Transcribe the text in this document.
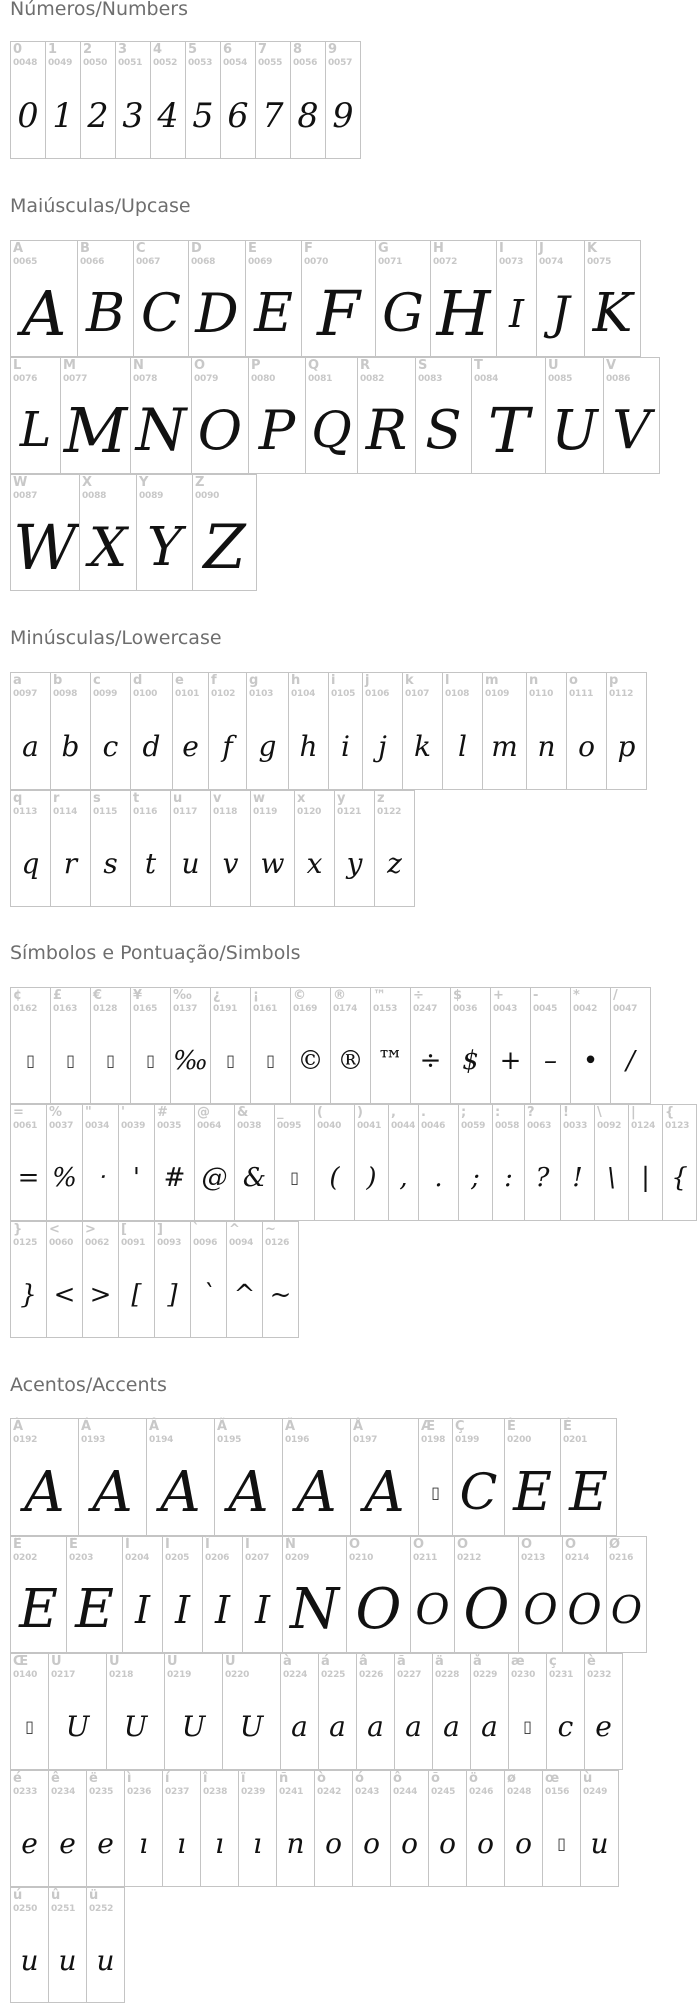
Números/Numbers
0
0048
0
1
0049
1
2
0050
2
3
0051
3
4
0052
4
5
0053
5
6
0054
6
7
0055
7
8
0056
8
9
0057
9
Maiúsculas/Upcase
A
0065
A
B
0066
B
C
0067
C
D
0068
D
E
0069
E
F
0070
F
G
0071
G
H
0072
H
I
0073
I
J
0074
J
K
0075
K
L
0076
L
M
0077
M
N
0078
N
O
0079
O
P
0080
P
Q
0081
Q
R
0082
R
S
0083
S
T
0084
T
U
0085
U
V
0086
V
W
0087
W
X
0088
X
Y
0089
Y
Z
0090
Z
Minúsculas/Lowercase
a
0097
a
b
0098
b
c
0099
c
d
0100
d
e
0101
e
f
0102
f
g
0103
g
h
0104
h
i
0105
i
j
0106
j
k
0107
k
l
0108
l
m
0109
m
n
0110
n
o
0111
o
p
0112
p
q
0113
q
r
0114
r
s
0115
s
t
0116
t
u
0117
u
v
0118
v
w
0119
w
x
0120
x
y
0121
y
z
0122
z
Símbolos e Pontuação/Simbols
¢
0162
▯
£
0163
▯
€
0128
▯
¥
0165
▯
‰
0137
‰
¿
0191
▯
¡
0161
▯
©
0169
©
®
0174
®
™
0153
™
÷
0247
÷
$
0036
$
+
0043
+
-
0045
–
*
0042
•
/
0047
/
=
0061
=
%
0037
%
"
0034
ᐧ
'
0039
'
#
0035
#
@
0064
@
&
0038
&
_
0095
▯
(
0040
(
)
0041
)
,
0044
,
.
0046
.
;
0059
;
:
0058
:
?
0063
?
!
0033
!
\
0092
\
|
0124
|
{
0123
{
}
0125
}
<
0060
<
>
0062
>
[
0091
[
]
0093
]
`
0096
`
^
0094
^
~
0126
~
Acentos/Accents
À
0192
A
Á
0193
A
Â
0194
A
Ã
0195
A
Ä
0196
A
Å
0197
A
Æ
0198
▯
Ç
0199
C
È
0200
E
É
0201
E
Ê
0202
E
Ë
0203
E
Ì
0204
I
Í
0205
I
Î
0206
I
Ï
0207
I
Ñ
0209
N
Ò
0210
O
Ó
0211
O
Ô
0212
O
Õ
0213
O
Ö
0214
O
Ø
0216
O
Œ
0140
▯
Ù
0217
U
Ú
0218
U
Û
0219
U
Ü
0220
U
à
0224
a
á
0225
a
â
0226
a
ã
0227
a
ä
0228
a
å
0229
a
æ
0230
▯
ç
0231
c
è
0232
e
é
0233
e
ê
0234
e
ë
0235
e
ì
0236
ı
í
0237
ı
î
0238
ı
ï
0239
ı
ñ
0241
n
ò
0242
o
ó
0243
o
ô
0244
o
õ
0245
o
ö
0246
o
ø
0248
o
œ
0156
▯
ù
0249
u
ú
0250
u
û
0251
u
ü
0252
u
